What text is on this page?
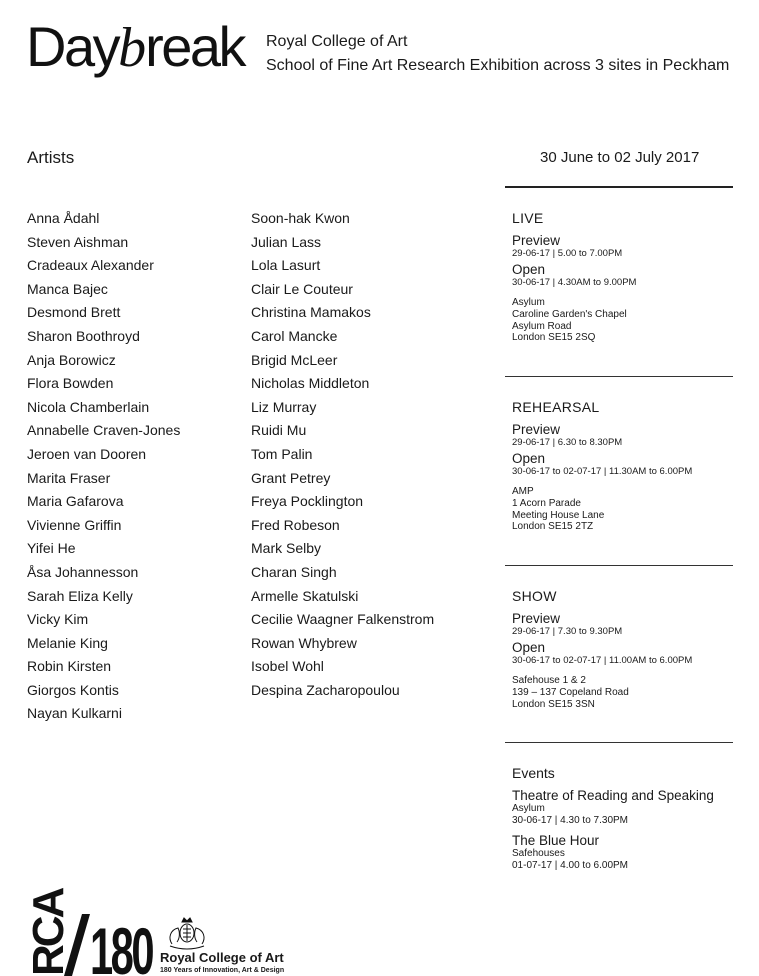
Daybreak Royal College of Art
School of Fine Art Research Exhibition across 3 sites in Peckham
Artists	30 June to 02 July 2017
Anna Ådahl
Steven Aishman
Cradeaux Alexander
Manca Bajec
Desmond Brett
Sharon Boothroyd
Anja Borowicz
Flora Bowden
Nicola Chamberlain
Annabelle Craven-Jones
Jeroen van Dooren
Marita Fraser
Maria Gafarova
Vivienne Griffin
Yifei He
Åsa Johannesson
Sarah Eliza Kelly
Vicky Kim
Melanie King
Robin Kirsten
Giorgos Kontis
Nayan Kulkarni
Soon-hak Kwon
Julian Lass
Lola Lasurt
Clair Le Couteur
Christina Mamakos
Carol Mancke
Brigid McLeer
Nicholas Middleton
Liz Murray
Ruidi Mu
Tom Palin
Grant Petrey
Freya Pocklington
Fred Robeson
Mark Selby
Charan Singh
Armelle Skatulski
Cecilie Waagner Falkenstrom
Rowan Whybrew
Isobel Wohl
Despina Zacharopoulou
LIVE
Preview
29-06-17 | 5.00 to 7.00PM
Open
30-06-17 | 4.30AM to 9.00PM
Asylum
Caroline Garden's Chapel
Asylum Road
London SE15 2SQ
REHEARSAL
Preview
29-06-17 | 6.30 to 8.30PM
Open
30-06-17 to 02-07-17 | 11.30AM to 6.00PM
AMP
1 Acorn Parade
Meeting House Lane
London SE15 2TZ
SHOW
Preview
29-06-17 | 7.30 to 9.30PM
Open
30-06-17 to 02-07-17 | 11.00AM to 6.00PM
Safehouse 1 & 2
139 – 137 Copeland Road
London SE15 3SN
Events
Theatre of Reading and Speaking
Asylum
30-06-17 | 4.30 to 7.30PM
The Blue Hour
Safehouses
01-07-17 | 4.00 to 6.00PM
RCA 180 Royal College of Art
180 Years of Innovation, Art & Design
